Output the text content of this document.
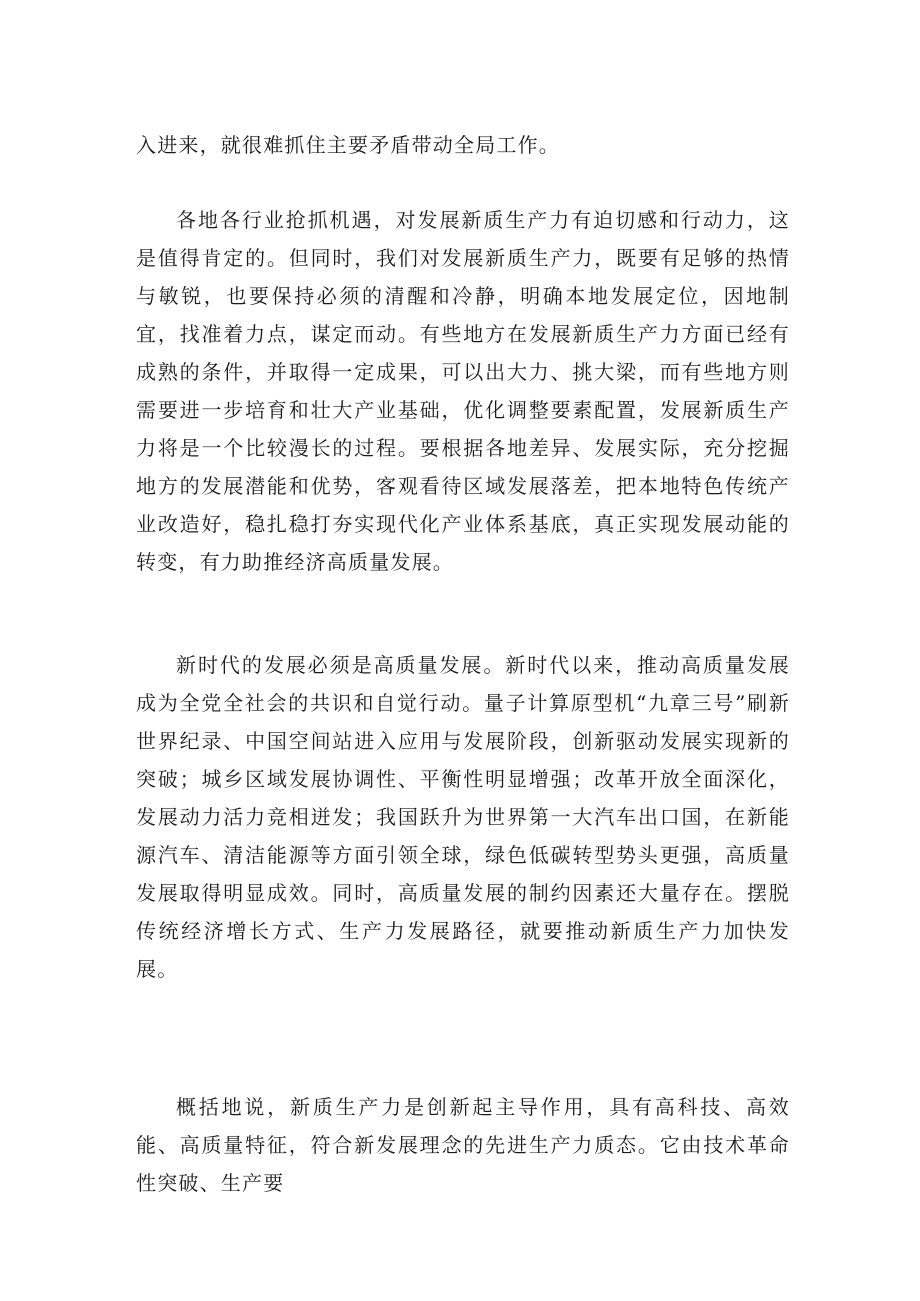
入进来，就很难抓住主要矛盾带动全局工作。

各地各行业抢抓机遇，对发展新质生产力有迫切感和行动力，这是值得肯定的。但同时，我们对发展新质生产力，既要有足够的热情与敏锐，也要保持必须的清醒和冷静，明确本地发展定位，因地制宜，找准着力点，谋定而动。有些地方在发展新质生产力方面已经有成熟的条件，并取得一定成果，可以出大力、挑大梁，而有些地方则需要进一步培育和壮大产业基础，优化调整要素配置，发展新质生产力将是一个比较漫长的过程。要根据各地差异、发展实际，充分挖掘地方的发展潜能和优势，客观看待区域发展落差，把本地特色传统产业改造好，稳扎稳打夯实现代化产业体系基底，真正实现发展动能的转变，有力助推经济高质量发展。

新时代的发展必须是高质量发展。新时代以来，推动高质量发展成为全党全社会的共识和自觉行动。量子计算原型机“九章三号”刷新世界纪录、中国空间站进入应用与发展阶段，创新驱动发展实现新的突破；城乡区域发展协调性、平衡性明显增强；改革开放全面深化，发展动力活力竞相迸发；我国跃升为世界第一大汽车出口国，在新能源汽车、清洁能源等方面引领全球，绿色低碳转型势头更强，高质量发展取得明显成效。同时，高质量发展的制约因素还大量存在。摆脱传统经济增长方式、生产力发展路径，就要推动新质生产力加快发展。

概括地说，新质生产力是创新起主导作用，具有高科技、高效能、高质量特征，符合新发展理念的先进生产力质态。它由技术革命性突破、生产要
